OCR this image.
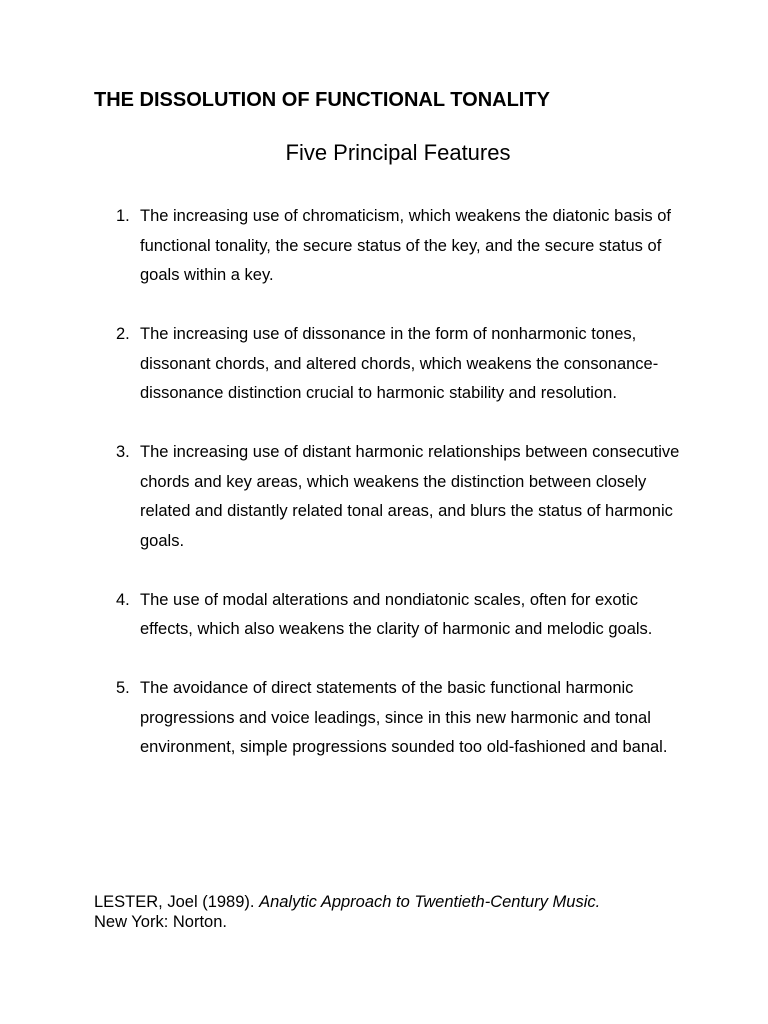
THE DISSOLUTION OF FUNCTIONAL TONALITY
Five Principal Features
1. The increasing use of chromaticism, which weakens the diatonic basis of functional tonality, the secure status of the key, and the secure status of goals within a key.
2. The increasing use of dissonance in the form of nonharmonic tones, dissonant chords, and altered chords, which weakens the consonance-dissonance distinction crucial to harmonic stability and resolution.
3. The increasing use of distant harmonic relationships between consecutive chords and key areas, which weakens the distinction between closely related and distantly related tonal areas, and blurs the status of harmonic goals.
4. The use of modal alterations and nondiatonic scales, often for exotic effects, which also weakens the clarity of harmonic and melodic goals.
5. The avoidance of direct statements of the basic functional harmonic progressions and voice leadings, since in this new harmonic and tonal environment, simple progressions sounded too old-fashioned and banal.

LESTER, Joel (1989). Analytic Approach to Twentieth-Century Music.
New York: Norton.
